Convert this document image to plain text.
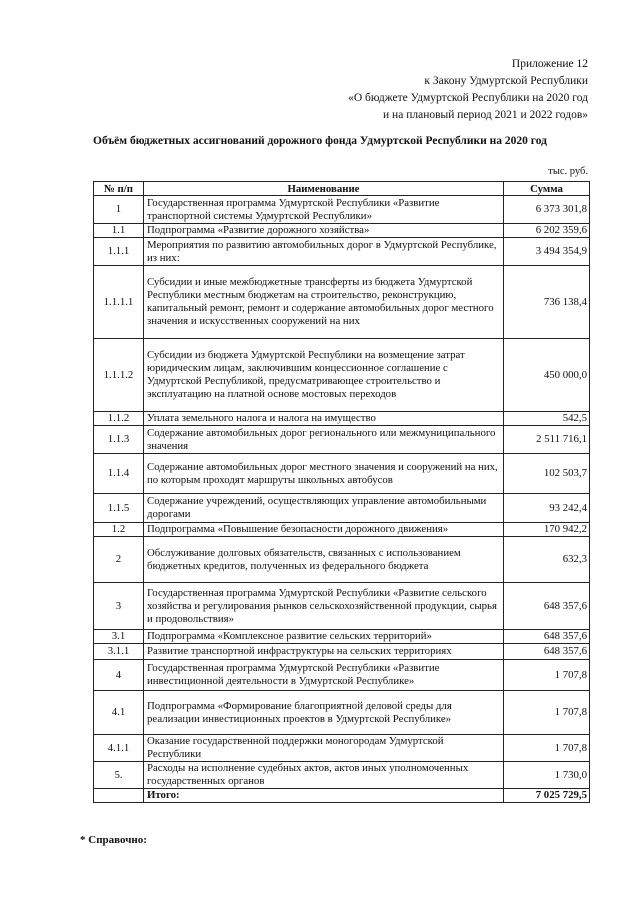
Приложение 12
к Закону Удмуртской Республики
«О бюджете Удмуртской Республики на 2020 год
и на плановый период 2021 и 2022 годов»
Объём бюджетных ассигнований дорожного фонда Удмуртской Республики на 2020 год
тыс. руб.
№ п/п	Наименование	Сумма
1	Государственная программа Удмуртской Республики «Развитие транспортной системы Удмуртской Республики»	6 373 301,8
1.1	Подпрограмма «Развитие дорожного хозяйства»	6 202 359,6
1.1.1	Мероприятия по развитию автомобильных дорог в Удмуртской Республике, из них:	3 494 354,9
1.1.1.1	Субсидии и иные межбюджетные трансферты из бюджета Удмуртской Республики местным бюджетам на строительство, реконструкцию, капитальный ремонт, ремонт и содержание автомобильных дорог местного значения и искусственных сооружений на них	736 138,4
1.1.1.2	Субсидии из бюджета Удмуртской Республики на возмещение затрат юридическим лицам, заключившим концессионное соглашение с Удмуртской Республикой, предусматривающее строительство и эксплуатацию на платной основе мостовых переходов	450 000,0
1.1.2	Уплата земельного налога и налога на имущество	542,5
1.1.3	Содержание автомобильных дорог регионального или межмуниципального значения	2 511 716,1
1.1.4	Содержание автомобильных дорог местного значения и сооружений на них, по которым проходят маршруты школьных автобусов	102 503,7
1.1.5	Содержание учреждений, осуществляющих управление автомобильными дорогами	93 242,4
1.2	Подпрограмма «Повышение безопасности дорожного движения»	170 942,2
2	Обслуживание долговых обязательств, связанных с использованием бюджетных кредитов, полученных из федерального бюджета	632,3
3	Государственная программа Удмуртской Республики «Развитие сельского хозяйства и регулирования рынков сельскохозяйственной продукции, сырья и продовольствия»	648 357,6
3.1	Подпрограмма «Комплексное развитие сельских территорий»	648 357,6
3.1.1	Развитие транспортной инфраструктуры на сельских территориях	648 357,6
4	Государственная программа Удмуртской Республики «Развитие инвестиционной деятельности в Удмуртской Республике»	1 707,8
4.1	Подпрограмма «Формирование благоприятной деловой среды для реализации инвестиционных проектов в Удмуртской Республике»	1 707,8
4.1.1	Оказание государственной поддержки моногородам Удмуртской Республики	1 707,8
5.	Расходы на исполнение судебных актов, актов иных уполномоченных государственных органов	1 730,0
	Итого:	7 025 729,5
* Справочно:
